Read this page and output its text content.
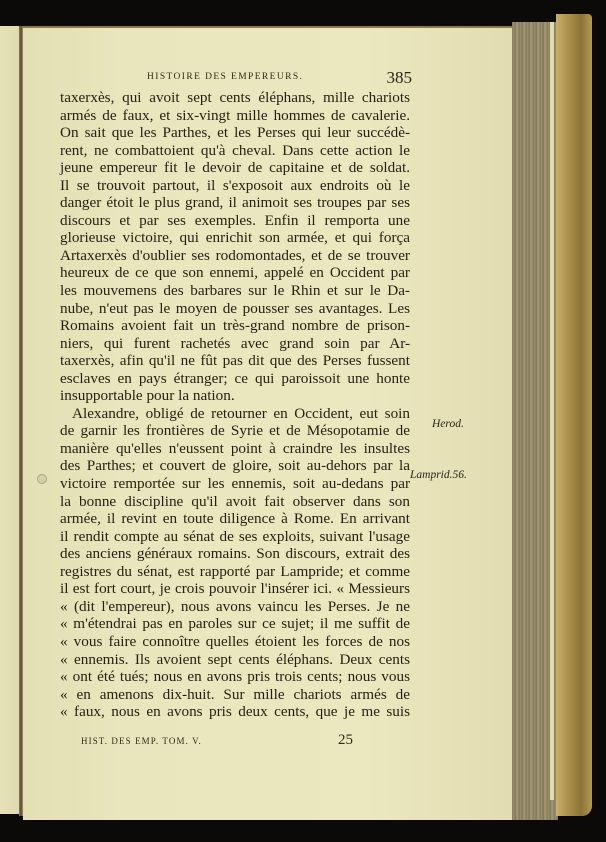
HISTOIRE DES EMPEREURS.	385
taxerxès, qui avoit sept cents éléphans, mille chariots
armés de faux, et six-vingt mille hommes de cavalerie.
On sait que les Parthes, et les Perses qui leur succédè-
rent, ne combattoient qu'à cheval. Dans cette action le
jeune empereur fit le devoir de capitaine et de soldat.
Il se trouvoit partout, il s'exposoit aux endroits où le
danger étoit le plus grand, il animoit ses troupes par ses
discours et par ses exemples. Enfin il remporta une
glorieuse victoire, qui enrichit son armée, et qui força
Artaxerxès d'oublier ses rodomontades, et de se trouver
heureux de ce que son ennemi, appelé en Occident par
les mouvemens des barbares sur le Rhin et sur le Da-
nube, n'eut pas le moyen de pousser ses avantages. Les
Romains avoient fait un très-grand nombre de prison-
niers, qui furent rachetés avec grand soin par Ar-
taxerxès, afin qu'il ne fût pas dit que des Perses fussent
esclaves en pays étranger; ce qui paroissoit une honte
insupportable pour la nation.
Alexandre, obligé de retourner en Occident, eut soin
de garnir les frontières de Syrie et de Mésopotamie de
manière qu'elles n'eussent point à craindre les insultes
des Parthes; et couvert de gloire, soit au-dehors par la
victoire remportée sur les ennemis, soit au-dedans par
la bonne discipline qu'il avoit fait observer dans son
armée, il revint en toute diligence à Rome. En arrivant
il rendit compte au sénat de ses exploits, suivant l'usage
des anciens généraux romains. Son discours, extrait des
registres du sénat, est rapporté par Lampride; et comme
il est fort court, je crois pouvoir l'insérer ici. « Messieurs
« (dit l'empereur), nous avons vaincu les Perses. Je ne
« m'étendrai pas en paroles sur ce sujet; il me suffit de
« vous faire connoître quelles étoient les forces de nos
« ennemis. Ils avoient sept cents éléphans. Deux cents
« ont été tués; nous en avons pris trois cents; nous vous
« en amenons dix-huit. Sur mille chariots armés de
« faux, nous en avons pris deux cents, que je me suis
Herod.
Lamprid.56.
HIST. DES EMP. TOM. V.	25
